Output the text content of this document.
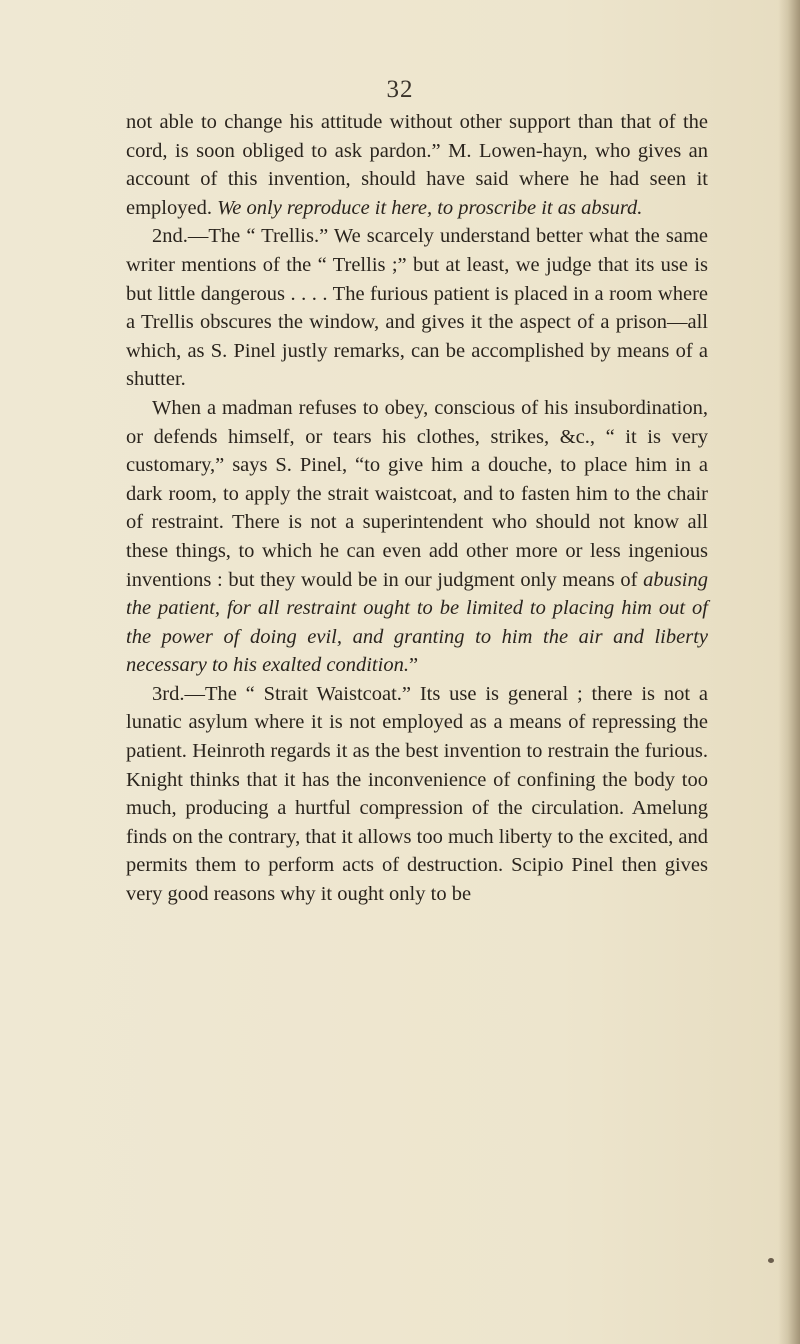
32

not able to change his attitude without other support than that of the cord, is soon obliged to ask pardon.” M. Lowen-hayn, who gives an account of this invention, should have said where he had seen it employed. We only reproduce it here, to proscribe it as absurd.

2nd.—The “ Trellis.” We scarcely understand better what the same writer mentions of the “ Trellis ;” but at least, we judge that its use is but little dangerous . . . . The furious patient is placed in a room where a Trellis obscures the window, and gives it the aspect of a prison—all which, as S. Pinel justly remarks, can be accomplished by means of a shutter.

When a madman refuses to obey, conscious of his insubordination, or defends himself, or tears his clothes, strikes, &c., “ it is very customary,” says S. Pinel, “to give him a douche, to place him in a dark room, to apply the strait waistcoat, and to fasten him to the chair of restraint. There is not a superintendent who should not know all these things, to which he can even add other more or less ingenious inventions : but they would be in our judgment only means of abusing the patient, for all restraint ought to be limited to placing him out of the power of doing evil, and granting to him the air and liberty necessary to his exalted condition.”

3rd.—The “ Strait Waistcoat.” Its use is general ; there is not a lunatic asylum where it is not employed as a means of repressing the patient. Heinroth regards it as the best invention to restrain the furious. Knight thinks that it has the inconvenience of confining the body too much, producing a hurtful compression of the circulation. Amelung finds on the contrary, that it allows too much liberty to the excited, and permits them to perform acts of destruction. Scipio Pinel then gives very good reasons why it ought only to be
